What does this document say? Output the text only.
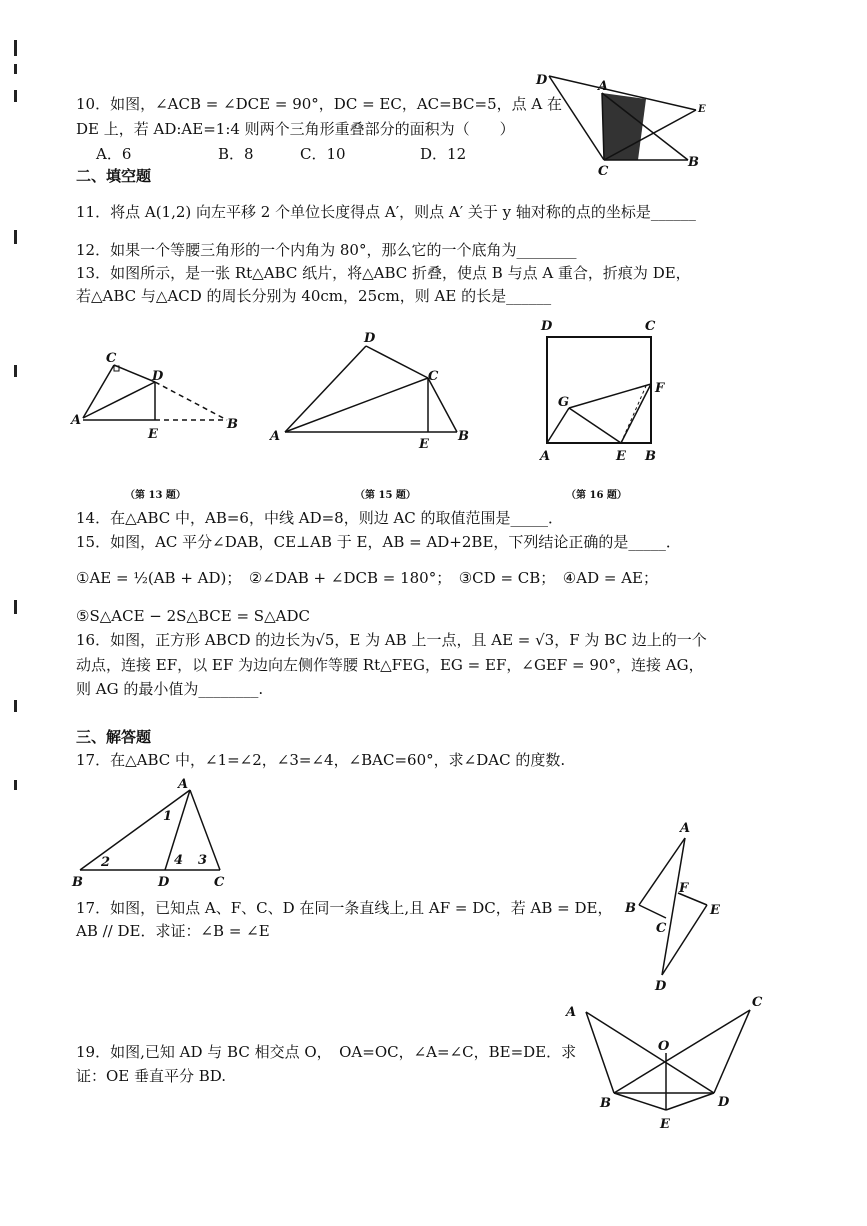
10．如图，∠ACB = ∠DCE = 90°，DC = EC，AC=BC=5，点 A 在
DE 上，若 AD:AE=1:4 则两个三角形重叠部分的面积为（　　）
A．6	B．8	C．10	D．12
D	A
E
C
B
二、填空题
11．将点 A(1,2) 向左平移 2 个单位长度得点 A′，则点 A′ 关于 y 轴对称的点的坐标是______
12．如果一个等腰三角形的一个内角为 80°，那么它的一个底角为________
13．如图所示，是一张 Rt△ABC 纸片，将△ABC 折叠，使点 B 与点 A 重合，折痕为 DE，
若△ABC 与△ACD 的周长分别为 40cm，25cm，则 AE 的长是______
C
D
A
E
B
D
C
A
E
B
D	C
G
F
A	E B
（第 13 题）	（第 15 题）	（第 16 题）
14．在△ABC 中，AB=6，中线 AD=8，则边 AC 的取值范围是_____．
15．如图，AC 平分∠DAB，CE⊥AB 于 E，AB = AD+2BE，下列结论正确的是_____．
①AE = ½(AB + AD)；　②∠DAB + ∠DCB = 180°；　③CD = CB；　④AD = AE；
⑤S△ACE − 2S△BCE = S△ADC
16．如图，正方形 ABCD 的边长为√5，E 为 AB 上一点，且 AE = √3，F 为 BC 边上的一个
动点，连接 EF，以 EF 为边向左侧作等腰 Rt△FEG，EG = EF，∠GEF = 90°，连接 AG，
则 AG 的最小值为________.
三、解答题
17．在△ABC 中，∠1=∠2，∠3=∠4，∠BAC=60°，求∠DAC 的度数.
A
1
2	4 3
B	D	C
17．如图，已知点 A、F、C、D 在同一条直线上,且 AF = DC，若 AB = DE，
AB // DE．求证：∠B = ∠E
A
F
B	E
C
D
19．如图,已知 AD 与 BC 相交点 O，　OA=OC，∠A=∠C，BE=DE．求
证：OE 垂直平分 BD.
A
C
O
B	D
E
